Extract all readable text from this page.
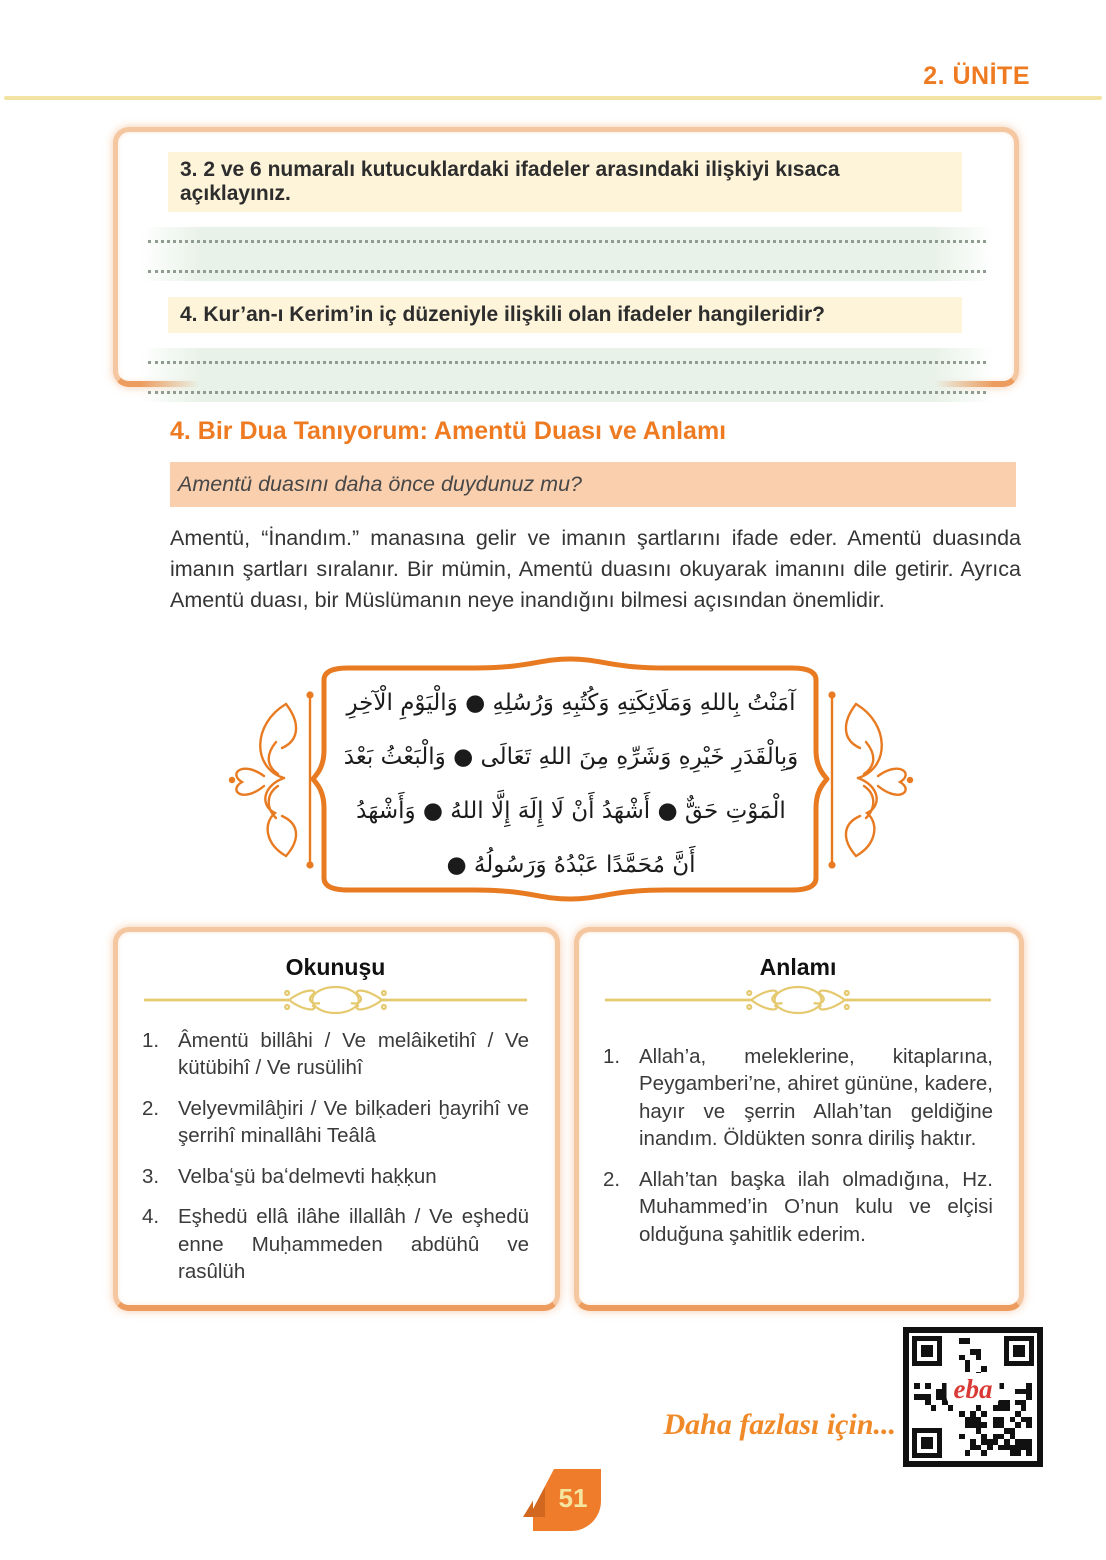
2. ÜNİTE
3. 2 ve 6 numaralı kutucuklardaki ifadeler arasındaki ilişkiyi kısaca açıklayınız.
4. Kur’an-ı Kerim’in iç düzeniyle ilişkili olan ifadeler hangileridir?
4. Bir Dua Tanıyorum: Amentü Duası ve Anlamı
Amentü duasını daha önce duydunuz mu?
Amentü, “İnandım.” manasına gelir ve imanın şartlarını ifade eder. Amentü duasında imanın şartları sıralanır. Bir mümin, Amentü duasını okuyarak imanını dile getirir. Ayrıca Amentü duası, bir Müslümanın neye inandığını bilmesi açısından önemlidir.
آمَنْتُ بِاللهِ وَمَلَائِكَتِهِ وَكُتُبِهِ وَرُسُلِهِ ● وَالْيَوْمِ الْآخِرِ
وَبِالْقَدَرِ خَيْرِهِ وَشَرِّهِ مِنَ اللهِ تَعَالَى ● وَالْبَعْثُ بَعْدَ
الْمَوْتِ حَقٌّ ● أَشْهَدُ أَنْ لَا إِلَهَ إِلَّا اللهُ ● وَأَشْهَدُ
أَنَّ مُحَمَّدًا عَبْدُهُ وَرَسُولُهُ ●
Okunuşu
1. Âmentü billâhi / Ve melâiketihî / Ve kütübihî / Ve rusülihî
2. Velyevmilâḫiri / Ve bilḳaderi ḫayrihî ve şerrihî minallâhi Teâlâ
3. Velbaʻs̱ü baʻdelmevti haḳḳun
4. Eşhedü ellâ ilâhe illallâh / Ve eşhedü enne Muḥammeden abdühû ve rasûlüh
Anlamı
1. Allah’a, meleklerine, kitaplarına, Peygamberi’ne, ahiret gününe, kadere, hayır ve şerrin Allah’tan geldiğine inandım. Öldükten sonra diriliş haktır.
2. Allah’tan başka ilah olmadığına, Hz. Muhammed’in O’nun kulu ve elçisi olduğuna şahitlik ederim.
Daha fazlası için...
eba
51
